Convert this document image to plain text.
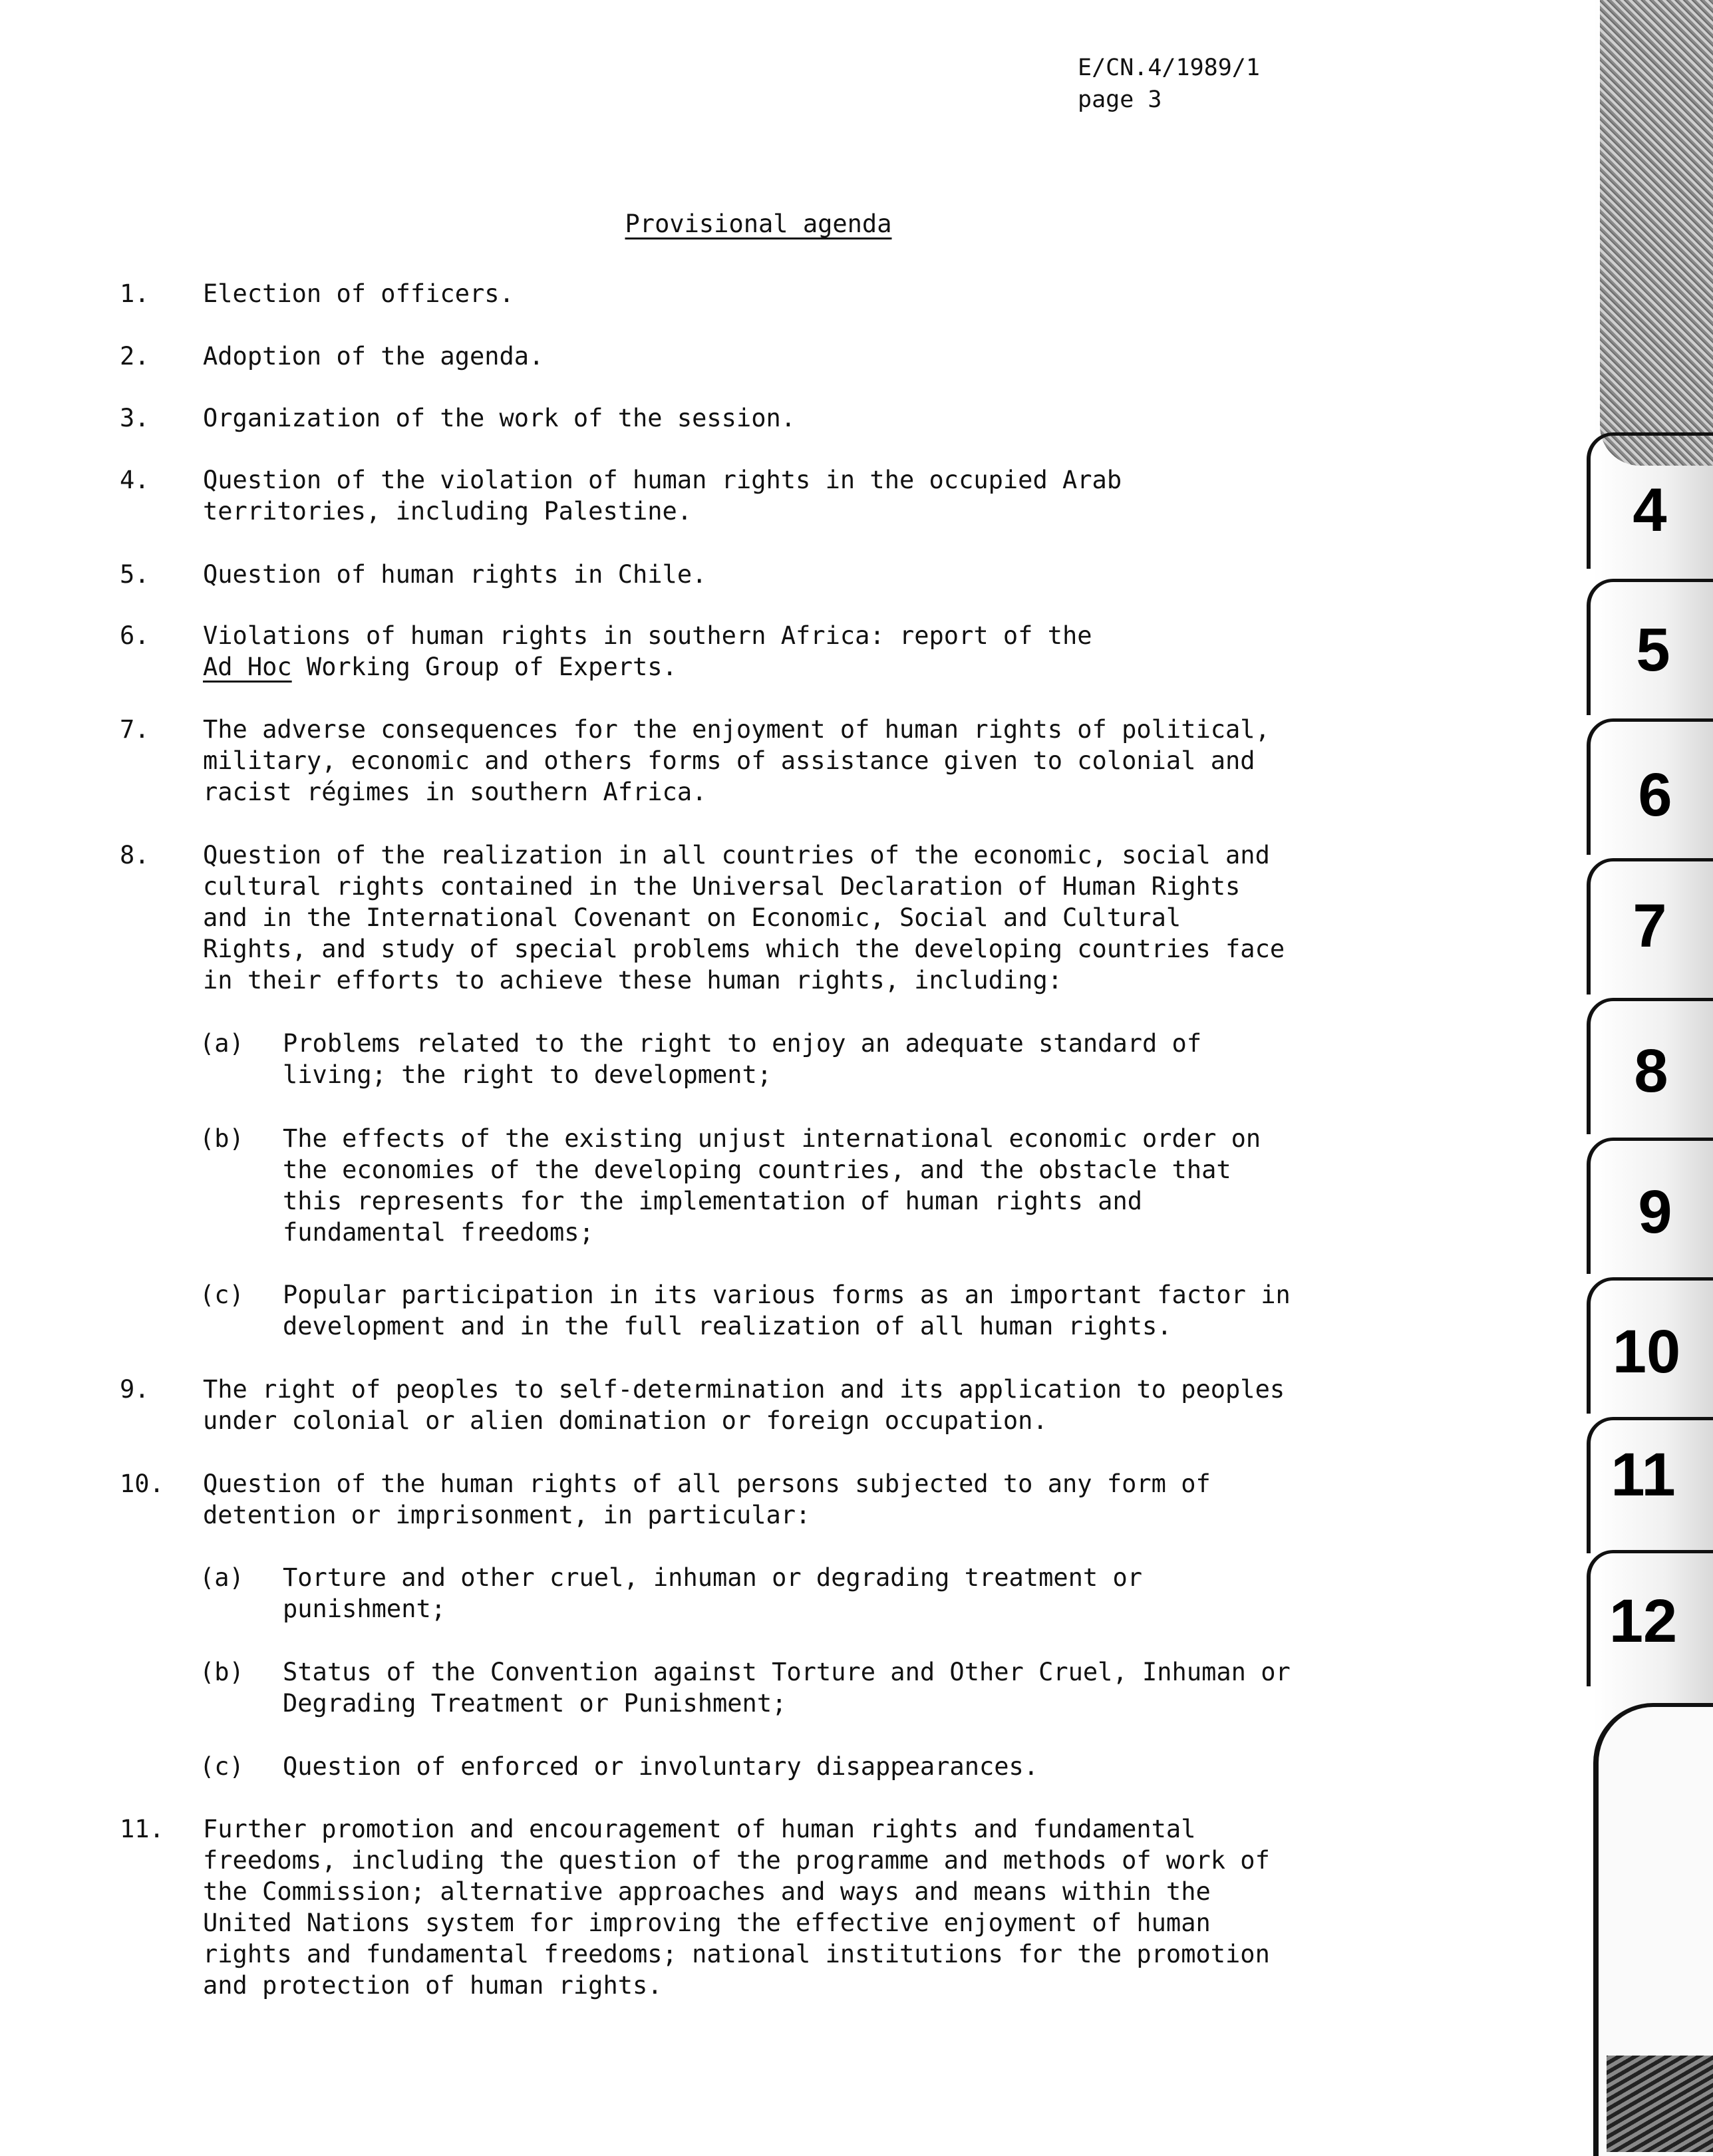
E/CN.4/1989/1
page 3
Provisional agenda
1. Election of officers.
2. Adoption of the agenda.
3. Organization of the work of the session.
4. Question of the violation of human rights in the occupied Arab
territories, including Palestine.
5. Question of human rights in Chile.
6. Violations of human rights in southern Africa: report of the
Ad Hoc Working Group of Experts.
7. The adverse consequences for the enjoyment of human rights of political,
military, economic and others forms of assistance given to colonial and
racist régimes in southern Africa.
8. Question of the realization in all countries of the economic, social and
cultural rights contained in the Universal Declaration of Human Rights
and in the International Covenant on Economic, Social and Cultural
Rights, and study of special problems which the developing countries face
in their efforts to achieve these human rights, including:
(a) Problems related to the right to enjoy an adequate standard of
living; the right to development;
(b) The effects of the existing unjust international economic order on
the economies of the developing countries, and the obstacle that
this represents for the implementation of human rights and
fundamental freedoms;
(c) Popular participation in its various forms as an important factor in
development and in the full realization of all human rights.
9. The right of peoples to self-determination and its application to peoples
under colonial or alien domination or foreign occupation.
10. Question of the human rights of all persons subjected to any form of
detention or imprisonment, in particular:
(a) Torture and other cruel, inhuman or degrading treatment or
punishment;
(b) Status of the Convention against Torture and Other Cruel, Inhuman or
Degrading Treatment or Punishment;
(c) Question of enforced or involuntary disappearances.
11. Further promotion and encouragement of human rights and fundamental
freedoms, including the question of the programme and methods of work of
the Commission; alternative approaches and ways and means within the
United Nations system for improving the effective enjoyment of human
rights and fundamental freedoms; national institutions for the promotion
and protection of human rights.
4
5
6
7
8
9
10
11
12
